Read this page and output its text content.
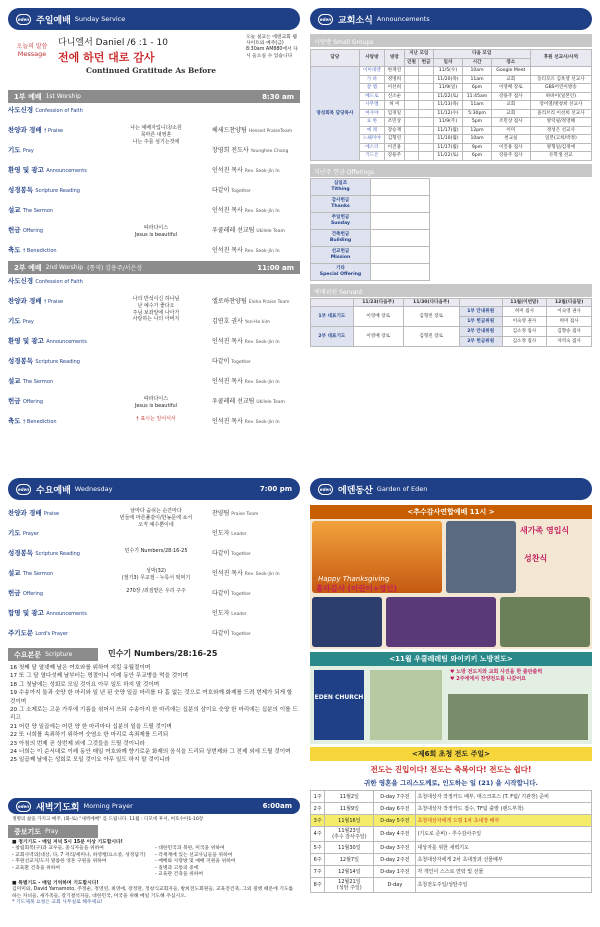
eden 주일예배 Sunday Service
오늘의 말씀
Message
다니엘서 Daniel /6 :1 - 10
전에 하던 대로 감사
Continued Gratitude As Before
오늘 설교는 에덴교회 웹사이트와 예주(금) 8:30am AM880에서 다시 들으실 수 있습니다
1부 예배 1st Worship	8:30 am
사도신경 Confession of Faith
찬양과 경배 † Praise	나는 예배자입니다/소원
목마른 내영혼
나는 주를 섬기는것에
헤세드찬양팀 Hessed PraiseTeam
기도 Pray	장영희 전도사 Younghee Chang
환영 및 광고 Announcements	인석진 목사 Rev. Seok-Jin In
성경봉독 Scripture Reading	다같이 Together
설교 The Sermon	인석진 목사 Rev. Seok-Jin In
헌금 Offering	따라다이스
Jesus is beautiful
우쿨레레 선교팀 Ukilele Team
축도 † Benediction	인석진 목사 Rev. Seok-Jin In
2부 예배 2nd Worship (통역) 강용주/서은성	11:00 am
사도신경 Confession of Faith
찬양과 경배 † Praise	나의 반석이신 하나님
난 예수가 좋다오
주님 보좌앞에 나아가
사랑하는 나의 아버지
엘로하찬양팀 Eloha Praise Team
기도 Pray	김연호 권사 Yon-Ho kim
환영 및 광고 Announcements	인석진 목사 Rev. Seok-Jin In
성경봉독 Scripture Reading	다같이 Together
설교 The Sermon	인석진 목사 Rev. Seok-Jin In
헌금 Offering	따라다이스
Jesus is beautiful
우쿨레레 선교팀 Ukilele Team
축도 † Benediction	† 표시는 일어서서	인석진 목사 Rev. Seok-Jin In
eden 교회소식 Announcements
사랑방 Small Groups
담당	사랑방	방장	지난 모임		다음 모임			후원 선교사/사역
			인원	헌금	일자	시간	장소	
영성회복 담당목사	이미대엔	한재연			11/5(수)	10am	Google Meet	
	가 하	정명희			11/20(목)	11am	교회	동티모르 김옥영 선교사
	갈 렙	이선희			11/9(일)	6pm	이영배 장로	GBS어린이방송
	베드로	신소순			11/22(토)	11:45am	강용주 집사	하바이(일본인)
	사무엘	허 미			11/13(목)	11am	교회	장이열/방창희 선교사
	여사야	임경일			11/12(수)	5:30pm	교회	올리브리 이선희 선교사
	요 한	조민상			11/9(주)	5pm	조민상 집사	방덕필/정영혜
	예 레	장승재			11/17(월)	12pm	이미	정성은 선교사
	느헤미야	김형연			11/10(월)	10am	천교실	일본(고희/박정)
	에스더	이진용			11/17(월)	9pm	이진용 집사	방형일/김정애
	기드온	강용주			11/22(토)	6pm	강용주 집사	유학생 선교
지난주 헌금 Offerings
십일조
Tithing	

감사헌금
Thanks	

주일헌금
Sunday	

건축헌금
Building	

선교헌금
Mission	

기타
Special Offering	

예배위원 Servant
	11/23(다음주)	11/30(다다음주)		11월(이번달)	12월(다음달)
1부 대표기도	이영배 장로	김형빈 장로	1부 안내위원	허미 집사	이숙영 권사
			1부 헌금위원	이숙영 권사	허미 집사
2부 대표기도	이영배 장로	김형빈 장로	2부 안내위원	김소정 집사	김향숭 집사
			2부 헌금위원	김소정 집사	자역숙 집사
eden 수요예배 Wednesday	7:00 pm
찬양과 경배 Praise	날마다 숨쉬는 순간마다
빈들에 마른풀같이/한농문에 쇼서
오직 예수뿐이네
찬양팀 Praise Team
기도 Prayer	인도자 Leader
성경봉독 Scripture Reading	민수기 Numbers/28:16-25	다같이 Together
설교 The Sermon	성막(32)
(절기3) 무교절 - 누룩서 떡먹기
인석진 목사 Rev. Seok-Jin In
헌금 Offering	270장 /죄짐맡은 우리 구주	다같이 Together
합명 및 광고 Announcements	인도자 Leader
주기도문 Lord's Prayer	다같이 Together
수요본문 Scripture	민수기 Numbers/28:16-25
16 첫째 달 열넷째 날은 여호와를 위하여 지킬 유월절이며
17 또 그 달 열다섯째 날부터는 명절이니 이레 동안 무교병을 먹을 것이며
18 그 첫날에는 성회로 모일 것이요 아무 일도 하지 말 것이며
19 수송아지 둘과 숫양 한 마리와 일 년 된 숫양 일곱 마리를 다 흠 없는 것으로 여호와께 화제를 드려 번제가 되게 할 것이며
20 그 소제로는 고운 가루에 기름을 섞어서 쓰되 수송아지 한 마리에는 십분의 삼이요 숫양 한 마리에는 십분의 이를 드리고
21 어린 양 일곱에는 어린 양 한 마리마다 십분의 일을 드릴 것이며
22 또 너희를 속죄하기 위하여 숫염소 한 마리로 속죄제를 드리되
23 아침의 번제 곧 상번제 외에 그것들을 드릴 것이니라
24 너희는 이 순서대로 이레 동안 매일 여호와께 향기로운 화제의 음식을 드리되 상번제와 그 전제 외에 드릴 것이며
25 일곱째 날에는 성회로 모일 것이요 아무 일도 하지 말 것이니라
eden 새벽기도회 Morning Prayer	6:00am
생명의 삶을 가지고 매주, (화-토) "새벽예배" 를 드립니다. 11월 : 디모데 후서, 여호수아1-10장
중보기도 Pray
■ 정기기도 - 매일 저녁 5시 15분 이상 기도합시다!
- 창립회복(구)과 교우들, 중식자들을 위하여
- 교회사역의(대상, 다, 7 저리/세미나, 하영행/요소중, 성정담기)
- 후원선교지/도지 말씀한 영혼 구원을 위하여
- 교육환 건축을 위하여
- 대한민국과 북한, 미국을 위하여
- 각세계에 있는 선교사님들을 위하여
- 매배와 사랑방 및 예배 지원을 위하여
- 질병과 고통의 중에
- 교육관 건축을 위하여
■ 특별기도 - 매일 기억하며 기도합시다!
김미미와, David Yamamoto, 주정순, 정영연, 최영애, 장정란, 정창식교회자들, 방희전도회원들, 교육전건축, 그외 질병 때문에 기도를 하는 자녀들, 새가족들, 장기결석자들, 대한민국, 미국을 위해 매일 기도해 주십시오.
* 기도제목 요청은 교회 사무실로 해주세요!
eden 에덴동산 Garden of Eden
<추수감사연합예배 11시 >
Happy Thanksgiving
새가족 영입식
성찬식
흘라감사 (어린이+영인)
<11월 우쿨레레팀 와이키키 노방전도>
EDEN CHURCH
♥ 노방 전도지와 교회 사진을 한 출판출력
♥ 2주에에서 찬양전도를 나갔어요
<제6회 초청 전도 주일>
전도는 진입이다! 전도는 축복이다! 전도는 쉽다!
귀한 영혼을 그리스도께로, 인도하는 일 (21) 을 시작합니다.
1주	11월2일	D-day 7주전	초청대상자 작정카드 배부, 태스크포스 (T. F팀/ 기관장) 준비

2주	11월9일	D-day 6주전	초청대상자 작정카드 접수, TF팀 출발 (팬드부착)

3주	11월16일	D-day 5주전	초청대상자에게 드릴 1차 초대장 배부

4주	11월23일
(추수 감사주일)	D-day 4주전	(기도로 준비) - 추수감사주일

5주	11월30일	D-day 3주전	대상자를 위한 새벽기도

6주	12월7일	D-day 2주전	초청대상자에게 2차 초대장과 선물배부

7주	12월14일	D-day 1주전	각 개인이 스스로 연락 및 선물

8주	12월21일
(성탄 주일)	D-day	초청전도주일/성탄주일
